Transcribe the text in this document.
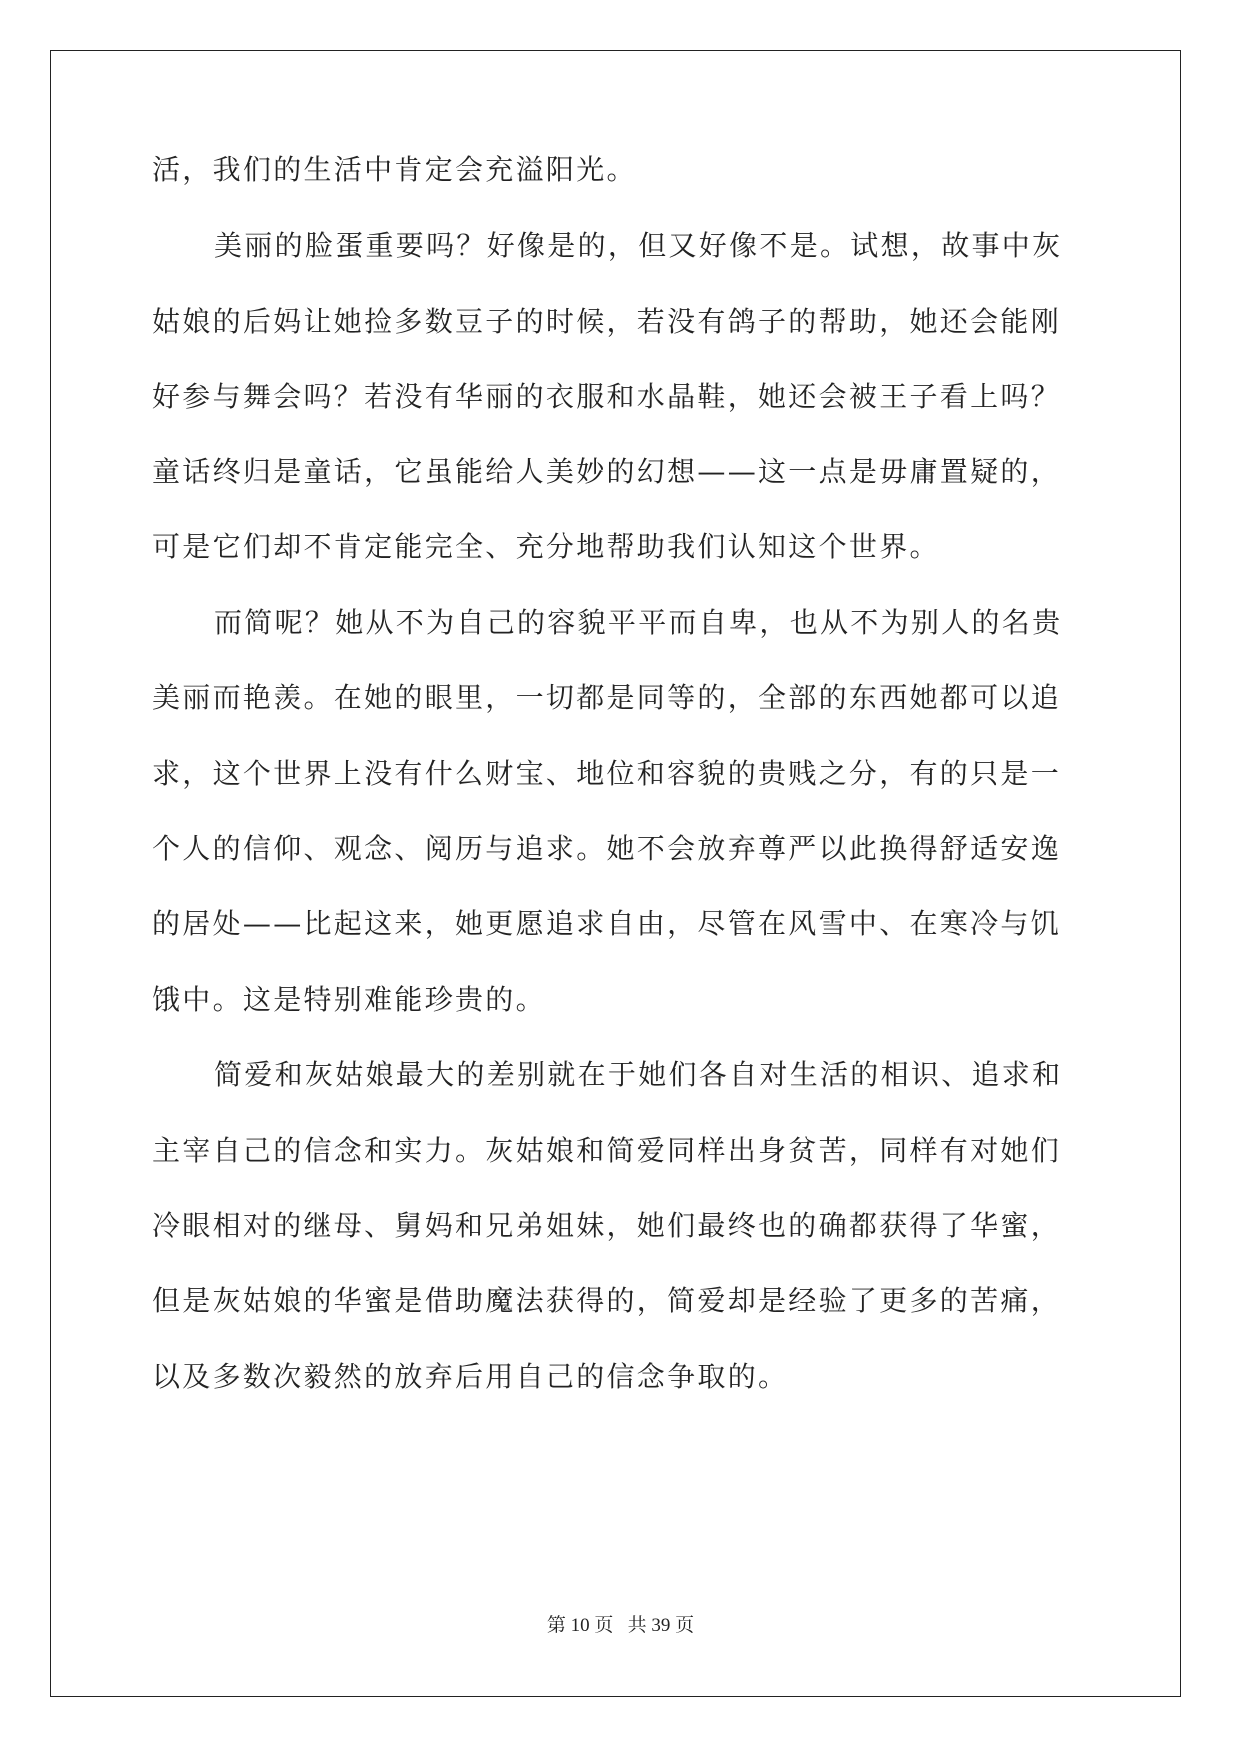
活，我们的生活中肯定会充溢阳光。
美丽的脸蛋重要吗？好像是的，但又好像不是。试想，故事中灰
姑娘的后妈让她捡多数豆子的时候，若没有鸽子的帮助，她还会能刚
好参与舞会吗？若没有华丽的衣服和水晶鞋，她还会被王子看上吗？
童话终归是童话，它虽能给人美妙的幻想——这一点是毋庸置疑的，
可是它们却不肯定能完全、充分地帮助我们认知这个世界。
而简呢？她从不为自己的容貌平平而自卑，也从不为别人的名贵
美丽而艳羡。在她的眼里，一切都是同等的，全部的东西她都可以追
求，这个世界上没有什么财宝、地位和容貌的贵贱之分，有的只是一
个人的信仰、观念、阅历与追求。她不会放弃尊严以此换得舒适安逸
的居处——比起这来，她更愿追求自由，尽管在风雪中、在寒冷与饥
饿中。这是特别难能珍贵的。
简爱和灰姑娘最大的差别就在于她们各自对生活的相识、追求和
主宰自己的信念和实力。灰姑娘和简爱同样出身贫苦，同样有对她们
冷眼相对的继母、舅妈和兄弟姐妹，她们最终也的确都获得了华蜜，
但是灰姑娘的华蜜是借助魔法获得的，简爱却是经验了更多的苦痛，
以及多数次毅然的放弃后用自己的信念争取的。
第 10 页 共 39 页
